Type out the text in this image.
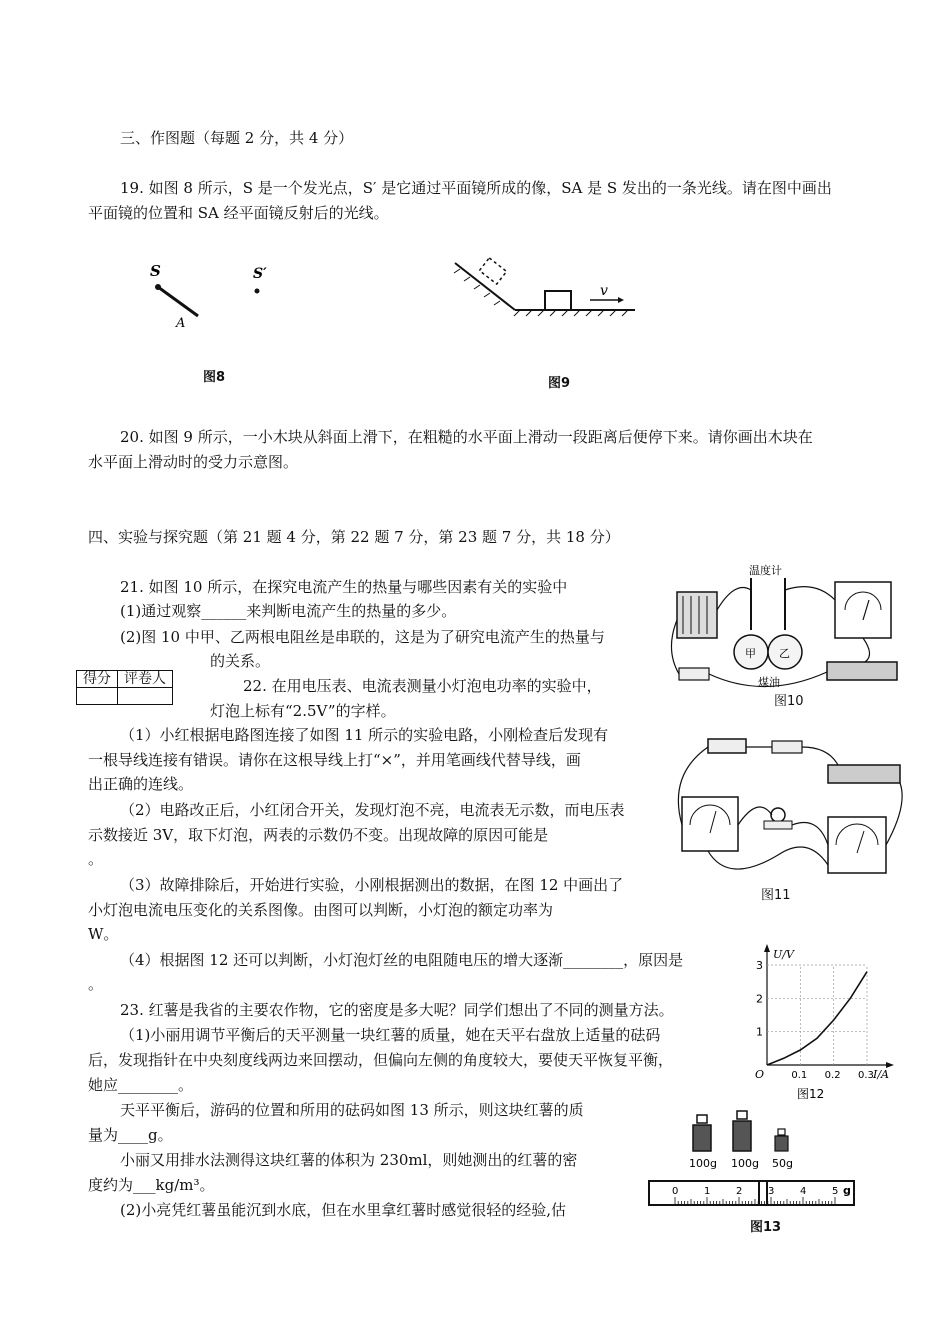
三、作图题（每题 2 分，共 4 分）
19. 如图 8 所示，S 是一个发光点，S′ 是它通过平面镜所成的像，SA 是 S 发出的一条光线。请在图中画出
平面镜的位置和 SA 经平面镜反射后的光线。
S
A
S′
图8
v
图9
20. 如图 9 所示，一小木块从斜面上滑下，在粗糙的水平面上滑动一段距离后便停下来。请你画出木块在
水平面上滑动时的受力示意图。
四、实验与探究题（第 21 题 4 分，第 22 题 7 分，第 23 题 7 分，共 18 分）
21. 如图 10 所示，在探究电流产生的热量与哪些因素有关的实验中
(1)通过观察______来判断电流产生的热量的多少。
(2)图 10 中甲、乙两根电阻丝是串联的，这是为了研究电流产生的热量与
的关系。
得分	评卷人
		22. 在用电压表、电流表测量小灯泡电功率的实验中，
灯泡上标有“2.5V”的字样。
（1）小红根据电路图连接了如图 11 所示的实验电路，小刚检查后发现有
一根导线连接有错误。请你在这根导线上打“×”，并用笔画线代替导线，画
出正确的连线。
（2）电路改正后，小红闭合开关，发现灯泡不亮，电流表无示数，而电压表
示数接近 3V，取下灯泡，两表的示数仍不变。出现故障的原因可能是
。
（3）故障排除后，开始进行实验，小刚根据测出的数据，在图 12 中画出了
小灯泡电流电压变化的关系图像。由图可以判断，小灯泡的额定功率为
W。
（4）根据图 12 还可以判断，小灯泡灯丝的电阻随电压的增大逐渐________，原因是
。
23. 红薯是我省的主要农作物，它的密度是多大呢？同学们想出了不同的测量方法。
（1)小丽用调节平衡后的天平测量一块红薯的质量，她在天平右盘放上适量的砝码
后，发现指针在中央刻度线两边来回摆动，但偏向左侧的角度较大，要使天平恢复平衡，
她应________。
天平平衡后，游码的位置和所用的砝码如图 13 所示，则这块红薯的质
量为____g。
小丽又用排水法测得这块红薯的体积为 230ml，则她测出的红薯的密
度约为___kg/m³。
(2)小亮凭红薯虽能沉到水底，但在水里拿红薯时感觉很轻的经验,估
温度计
甲 乙
煤油
图10
图11
1
2
3
0.1 0.2 0.3
U/V
I/A
O
图12
100g 100g 50g
0	1	2	3	4	5 g
图13
